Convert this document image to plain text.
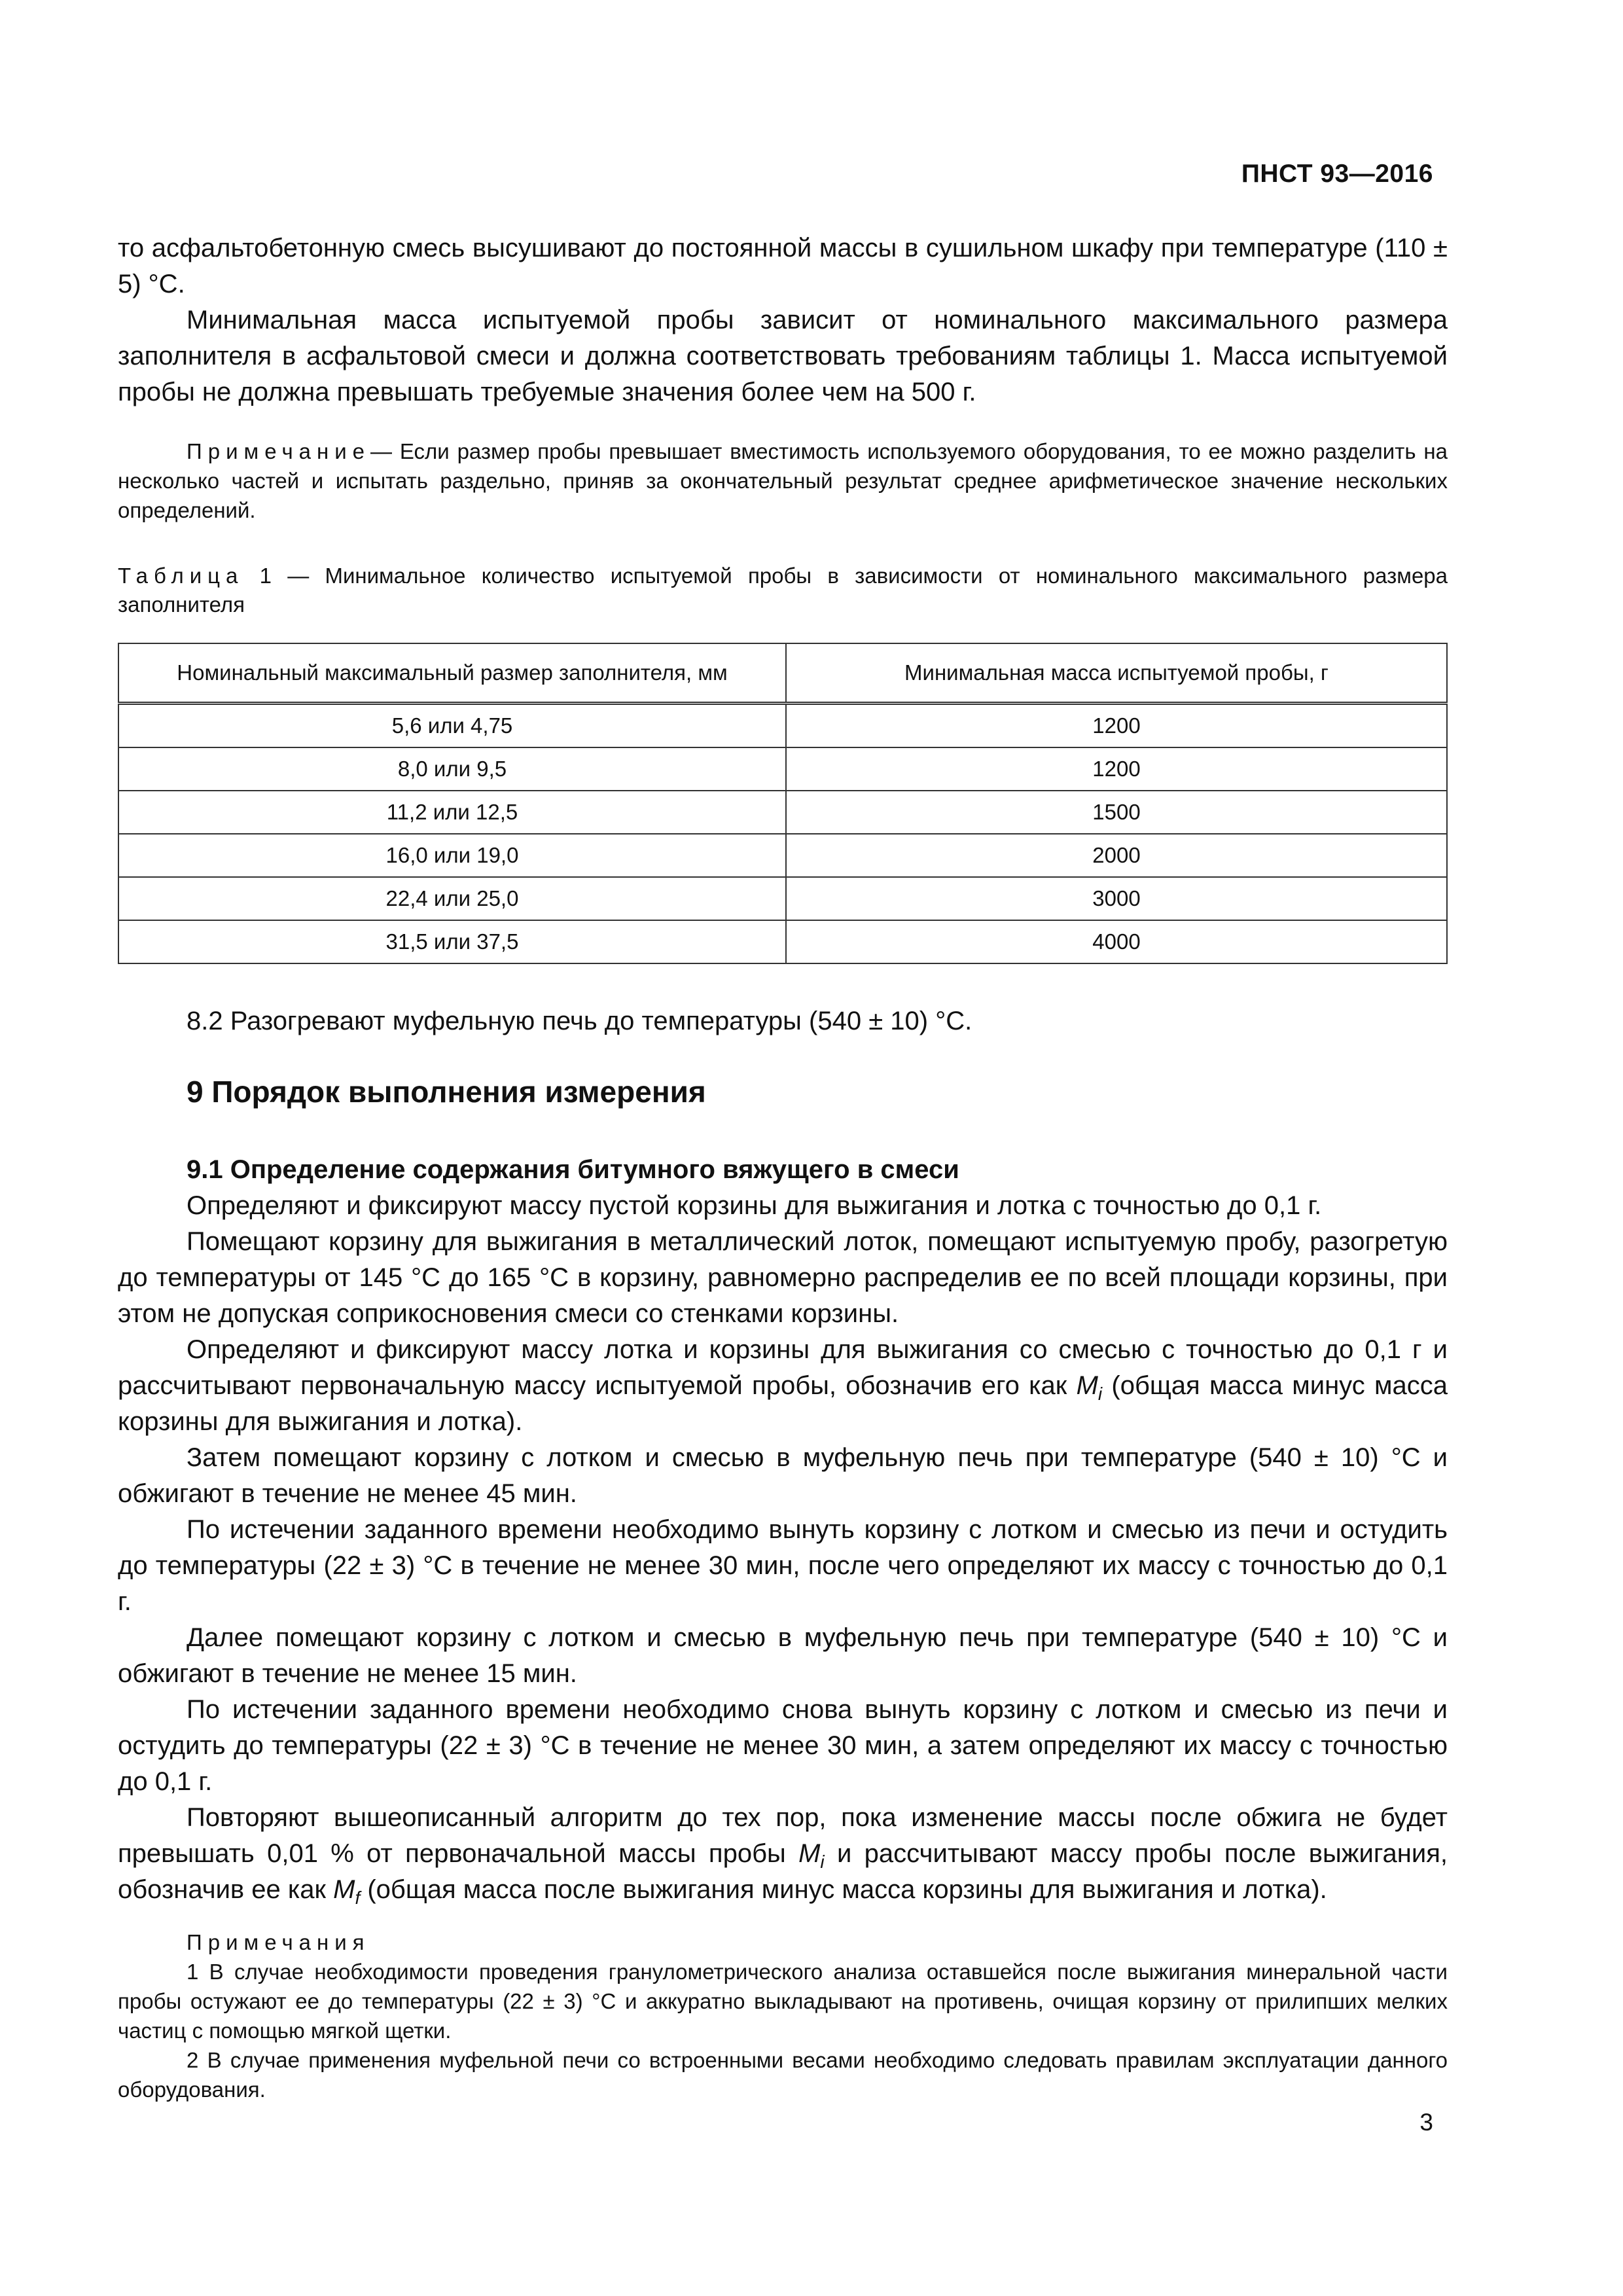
ПНСТ 93—2016

то асфальтобетонную смесь высушивают до постоянной массы в сушильном шкафу при температуре (110 ± 5) °С.

Минимальная масса испытуемой пробы зависит от номинального максимального размера заполнителя в асфальтовой смеси и должна соответствовать требованиям таблицы 1. Масса испытуемой пробы не должна превышать требуемые значения более чем на 500 г.

Примечание— Если размер пробы превышает вместимость используемого оборудования, то ее можно разделить на несколько частей и испытать раздельно, приняв за окончательный результат среднее арифметическое значение нескольких определений.

Таблица 1 — Минимальное количество испытуемой пробы в зависимости от номинального максимального размера заполнителя

Номинальный максимальный размер заполнителя, мм	Минимальная масса испытуемой пробы, г
5,6 или 4,75	1200
8,0 или 9,5	1200
11,2 или 12,5	1500
16,0 или 19,0	2000
22,4 или 25,0	3000
31,5 или 37,5	4000

8.2 Разогревают муфельную печь до температуры (540 ± 10) °С.

9 Порядок выполнения измерения
9.1 Определение содержания битумного вяжущего в смеси

Определяют и фиксируют массу пустой корзины для выжигания и лотка с точностью до 0,1 г.

Помещают корзину для выжигания в металлический лоток, помещают испытуемую пробу, разогретую до температуры от 145 °С до 165 °С в корзину, равномерно распределив ее по всей площади корзины, при этом не допуская соприкосновения смеси со стенками корзины.

Определяют и фиксируют массу лотка и корзины для выжигания со смесью с точностью до 0,1 г и рассчитывают первоначальную массу испытуемой пробы, обозначив его как $M_i$ (общая масса минус масса корзины для выжигания и лотка).

Затем помещают корзину с лотком и смесью в муфельную печь при температуре (540 ± 10) °С и обжигают в течение не менее 45 мин.

По истечении заданного времени необходимо вынуть корзину с лотком и смесью из печи и остудить до температуры (22 ± 3) °С в течение не менее 30 мин, после чего определяют их массу с точностью до 0,1 г.

Далее помещают корзину с лотком и смесью в муфельную печь при температуре (540 ± 10) °С и обжигают в течение не менее 15 мин.

По истечении заданного времени необходимо снова вынуть корзину с лотком и смесью из печи и остудить до температуры (22 ± 3) °С в течение не менее 30 мин, а затем определяют их массу с точностью до 0,1 г.

Повторяют вышеописанный алгоритм до тех пор, пока изменение массы после обжига не будет превышать 0,01 % от первоначальной массы пробы $M_i$ и рассчитывают массу пробы после выжигания, обозначив ее как $M_f$ (общая масса после выжигания минус масса корзины для выжигания и лотка).

Примечания

1 В случае необходимости проведения гранулометрического анализа оставшейся после выжигания минеральной части пробы остужают ее до температуры (22 ± 3) °С и аккуратно выкладывают на противень, очищая корзину от прилипших мелких частиц с помощью мягкой щетки.

2 В случае применения муфельной печи со встроенными весами необходимо следовать правилам эксплуатации данного оборудования.

3
